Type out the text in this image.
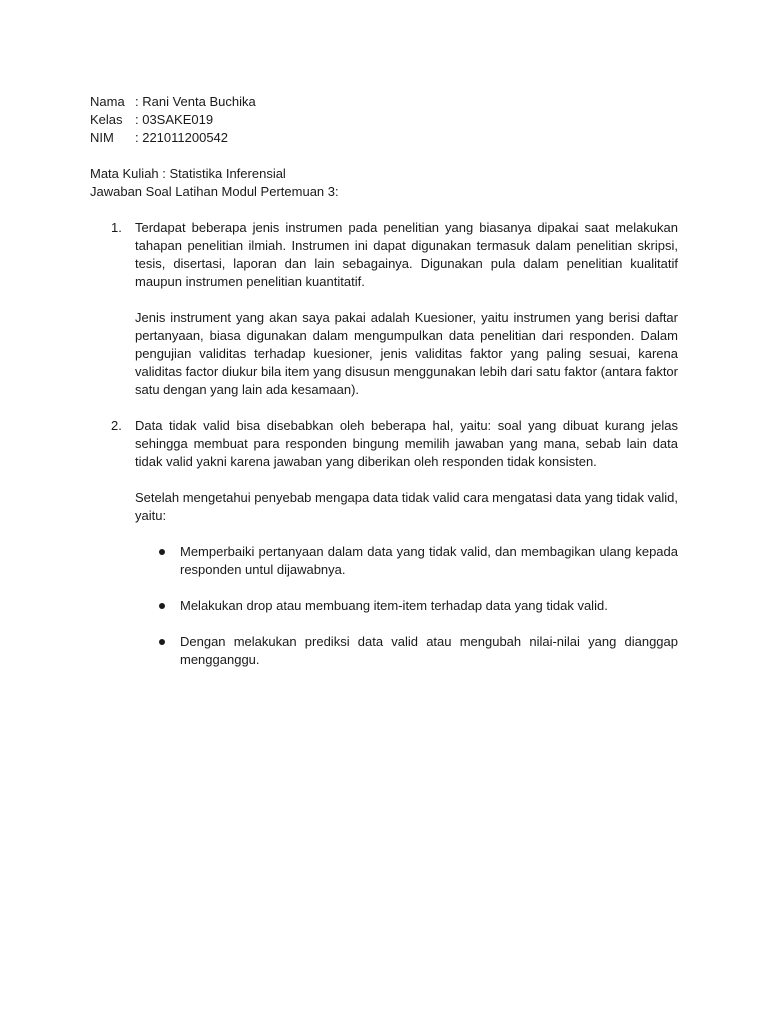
Nama	: Rani Venta Buchika
Kelas	: 03SAKE019
NIM	: 221011200542
Mata Kuliah : Statistika Inferensial
Jawaban Soal Latihan Modul Pertemuan 3:
1. Terdapat beberapa jenis instrumen pada penelitian yang biasanya dipakai saat melakukan tahapan penelitian ilmiah. Instrumen ini dapat digunakan termasuk dalam penelitian skripsi, tesis, disertasi, laporan dan lain sebagainya. Digunakan pula dalam penelitian kualitatif maupun instrumen penelitian kuantitatif.

Jenis instrument yang akan saya pakai adalah Kuesioner, yaitu instrumen yang berisi daftar pertanyaan, biasa digunakan dalam mengumpulkan data penelitian dari responden. Dalam pengujian validitas terhadap kuesioner, jenis validitas faktor yang paling sesuai, karena validitas factor diukur bila item yang disusun menggunakan lebih dari satu faktor (antara faktor satu dengan yang lain ada kesamaan).

2. Data tidak valid bisa disebabkan oleh beberapa hal, yaitu: soal yang dibuat kurang jelas sehingga membuat para responden bingung memilih jawaban yang mana, sebab lain data tidak valid yakni karena jawaban yang diberikan oleh responden tidak konsisten.

Setelah mengetahui penyebab mengapa data tidak valid cara mengatasi data yang tidak valid, yaitu:

Memperbaiki pertanyaan dalam data yang tidak valid, dan membagikan ulang kepada responden untul dijawabnya.
Melakukan drop atau membuang item-item terhadap data yang tidak valid.
Dengan melakukan prediksi data valid atau mengubah nilai-nilai yang dianggap mengganggu.
